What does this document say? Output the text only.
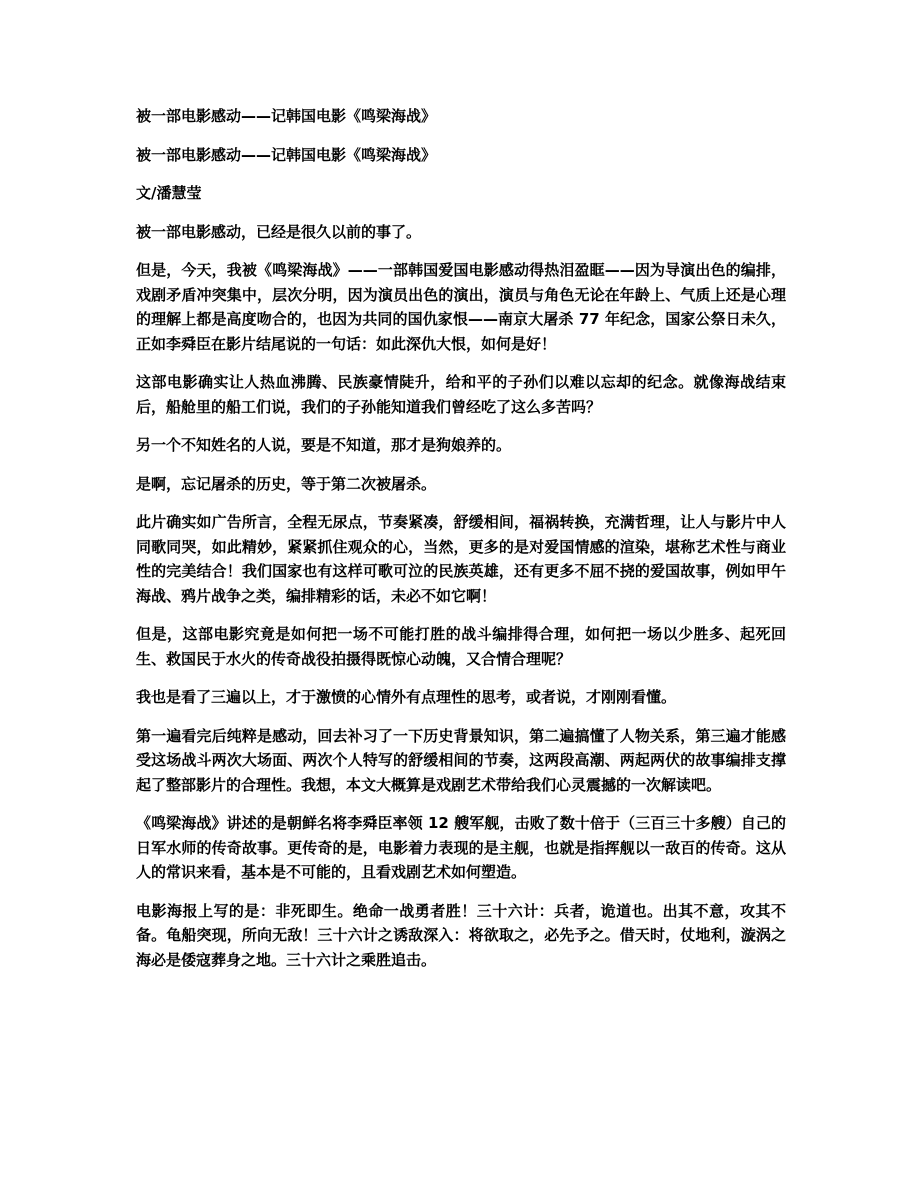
被一部电影感动——记韩国电影《鸣梁海战》

被一部电影感动——记韩国电影《鸣梁海战》

文/潘慧莹

被一部电影感动，已经是很久以前的事了。

但是，今天，我被《鸣梁海战》——一部韩国爱国电影感动得热泪盈眶——因为导演出色的编排，戏剧矛盾冲突集中，层次分明，因为演员出色的演出，演员与角色无论在年龄上、气质上还是心理的理解上都是高度吻合的，也因为共同的国仇家恨——南京大屠杀 77 年纪念，国家公祭日未久，正如李舜臣在影片结尾说的一句话：如此深仇大恨，如何是好！

这部电影确实让人热血沸腾、民族豪情陡升，给和平的子孙们以难以忘却的纪念。就像海战结束后，船舱里的船工们说，我们的子孙能知道我们曾经吃了这么多苦吗？

另一个不知姓名的人说，要是不知道，那才是狗娘养的。

是啊，忘记屠杀的历史，等于第二次被屠杀。

此片确实如广告所言，全程无尿点，节奏紧凑，舒缓相间，福祸转换，充满哲理，让人与影片中人同歌同哭，如此精妙，紧紧抓住观众的心，当然，更多的是对爱国情感的渲染，堪称艺术性与商业性的完美结合！我们国家也有这样可歌可泣的民族英雄，还有更多不屈不挠的爱国故事，例如甲午海战、鸦片战争之类，编排精彩的话，未必不如它啊！

但是，这部电影究竟是如何把一场不可能打胜的战斗编排得合理，如何把一场以少胜多、起死回生、救国民于水火的传奇战役拍摄得既惊心动魄，又合情合理呢？

我也是看了三遍以上，才于激愤的心情外有点理性的思考，或者说，才刚刚看懂。

第一遍看完后纯粹是感动，回去补习了一下历史背景知识，第二遍搞懂了人物关系，第三遍才能感受这场战斗两次大场面、两次个人特写的舒缓相间的节奏，这两段高潮、两起两伏的故事编排支撑起了整部影片的合理性。我想，本文大概算是戏剧艺术带给我们心灵震撼的一次解读吧。

《鸣梁海战》讲述的是朝鲜名将李舜臣率领 12 艘军舰，击败了数十倍于（三百三十多艘）自己的日军水师的传奇故事。更传奇的是，电影着力表现的是主舰，也就是指挥舰以一敌百的传奇。这从人的常识来看，基本是不可能的，且看戏剧艺术如何塑造。

电影海报上写的是：非死即生。绝命一战勇者胜！三十六计：兵者，诡道也。出其不意，攻其不备。龟船突现，所向无敌！三十六计之诱敌深入：将欲取之，必先予之。借天时，仗地利，漩涡之海必是倭寇葬身之地。三十六计之乘胜追击。
